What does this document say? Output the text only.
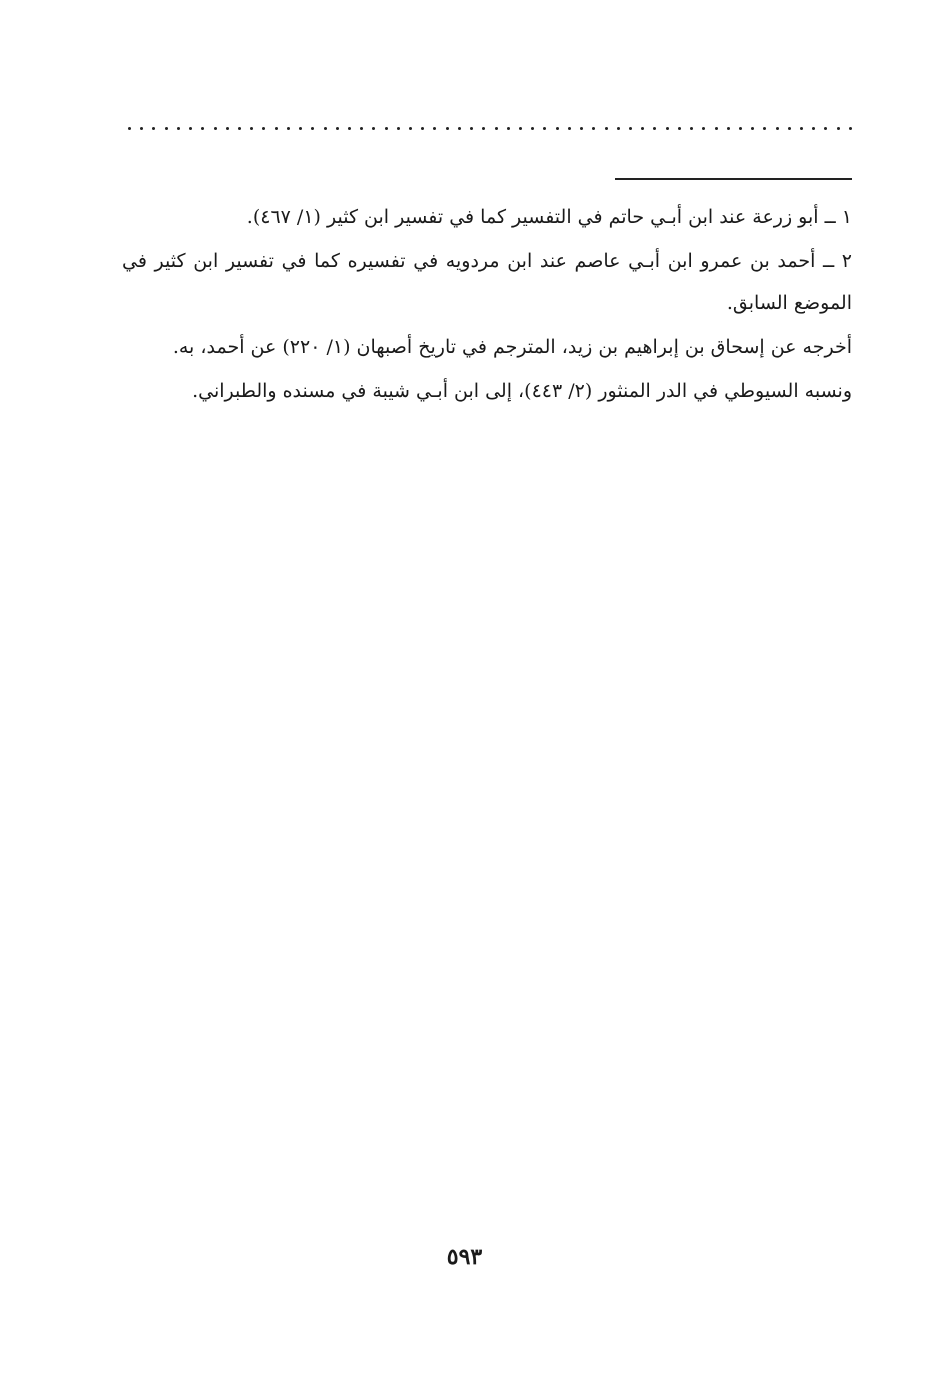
١ ــ أبو زرعة عند ابن أبـي حاتم في التفسير كما في تفسير ابن كثير (١/ ٤٦٧).

٢ ــ أحمد بن عمرو ابن أبـي عاصم عند ابن مردويه في تفسيره كما في تفسير ابن كثير في الموضع السابق.

أخرجه عن إسحاق بن إبراهيم بن زيد، المترجم في تاريخ أصبهان (١/ ٢٢٠) عن أحمد، به.

ونسبه السيوطي في الدر المنثور (٢/ ٤٤٣)، إلى ابن أبـي شيبة في مسنده والطبراني.

٥٩٣
